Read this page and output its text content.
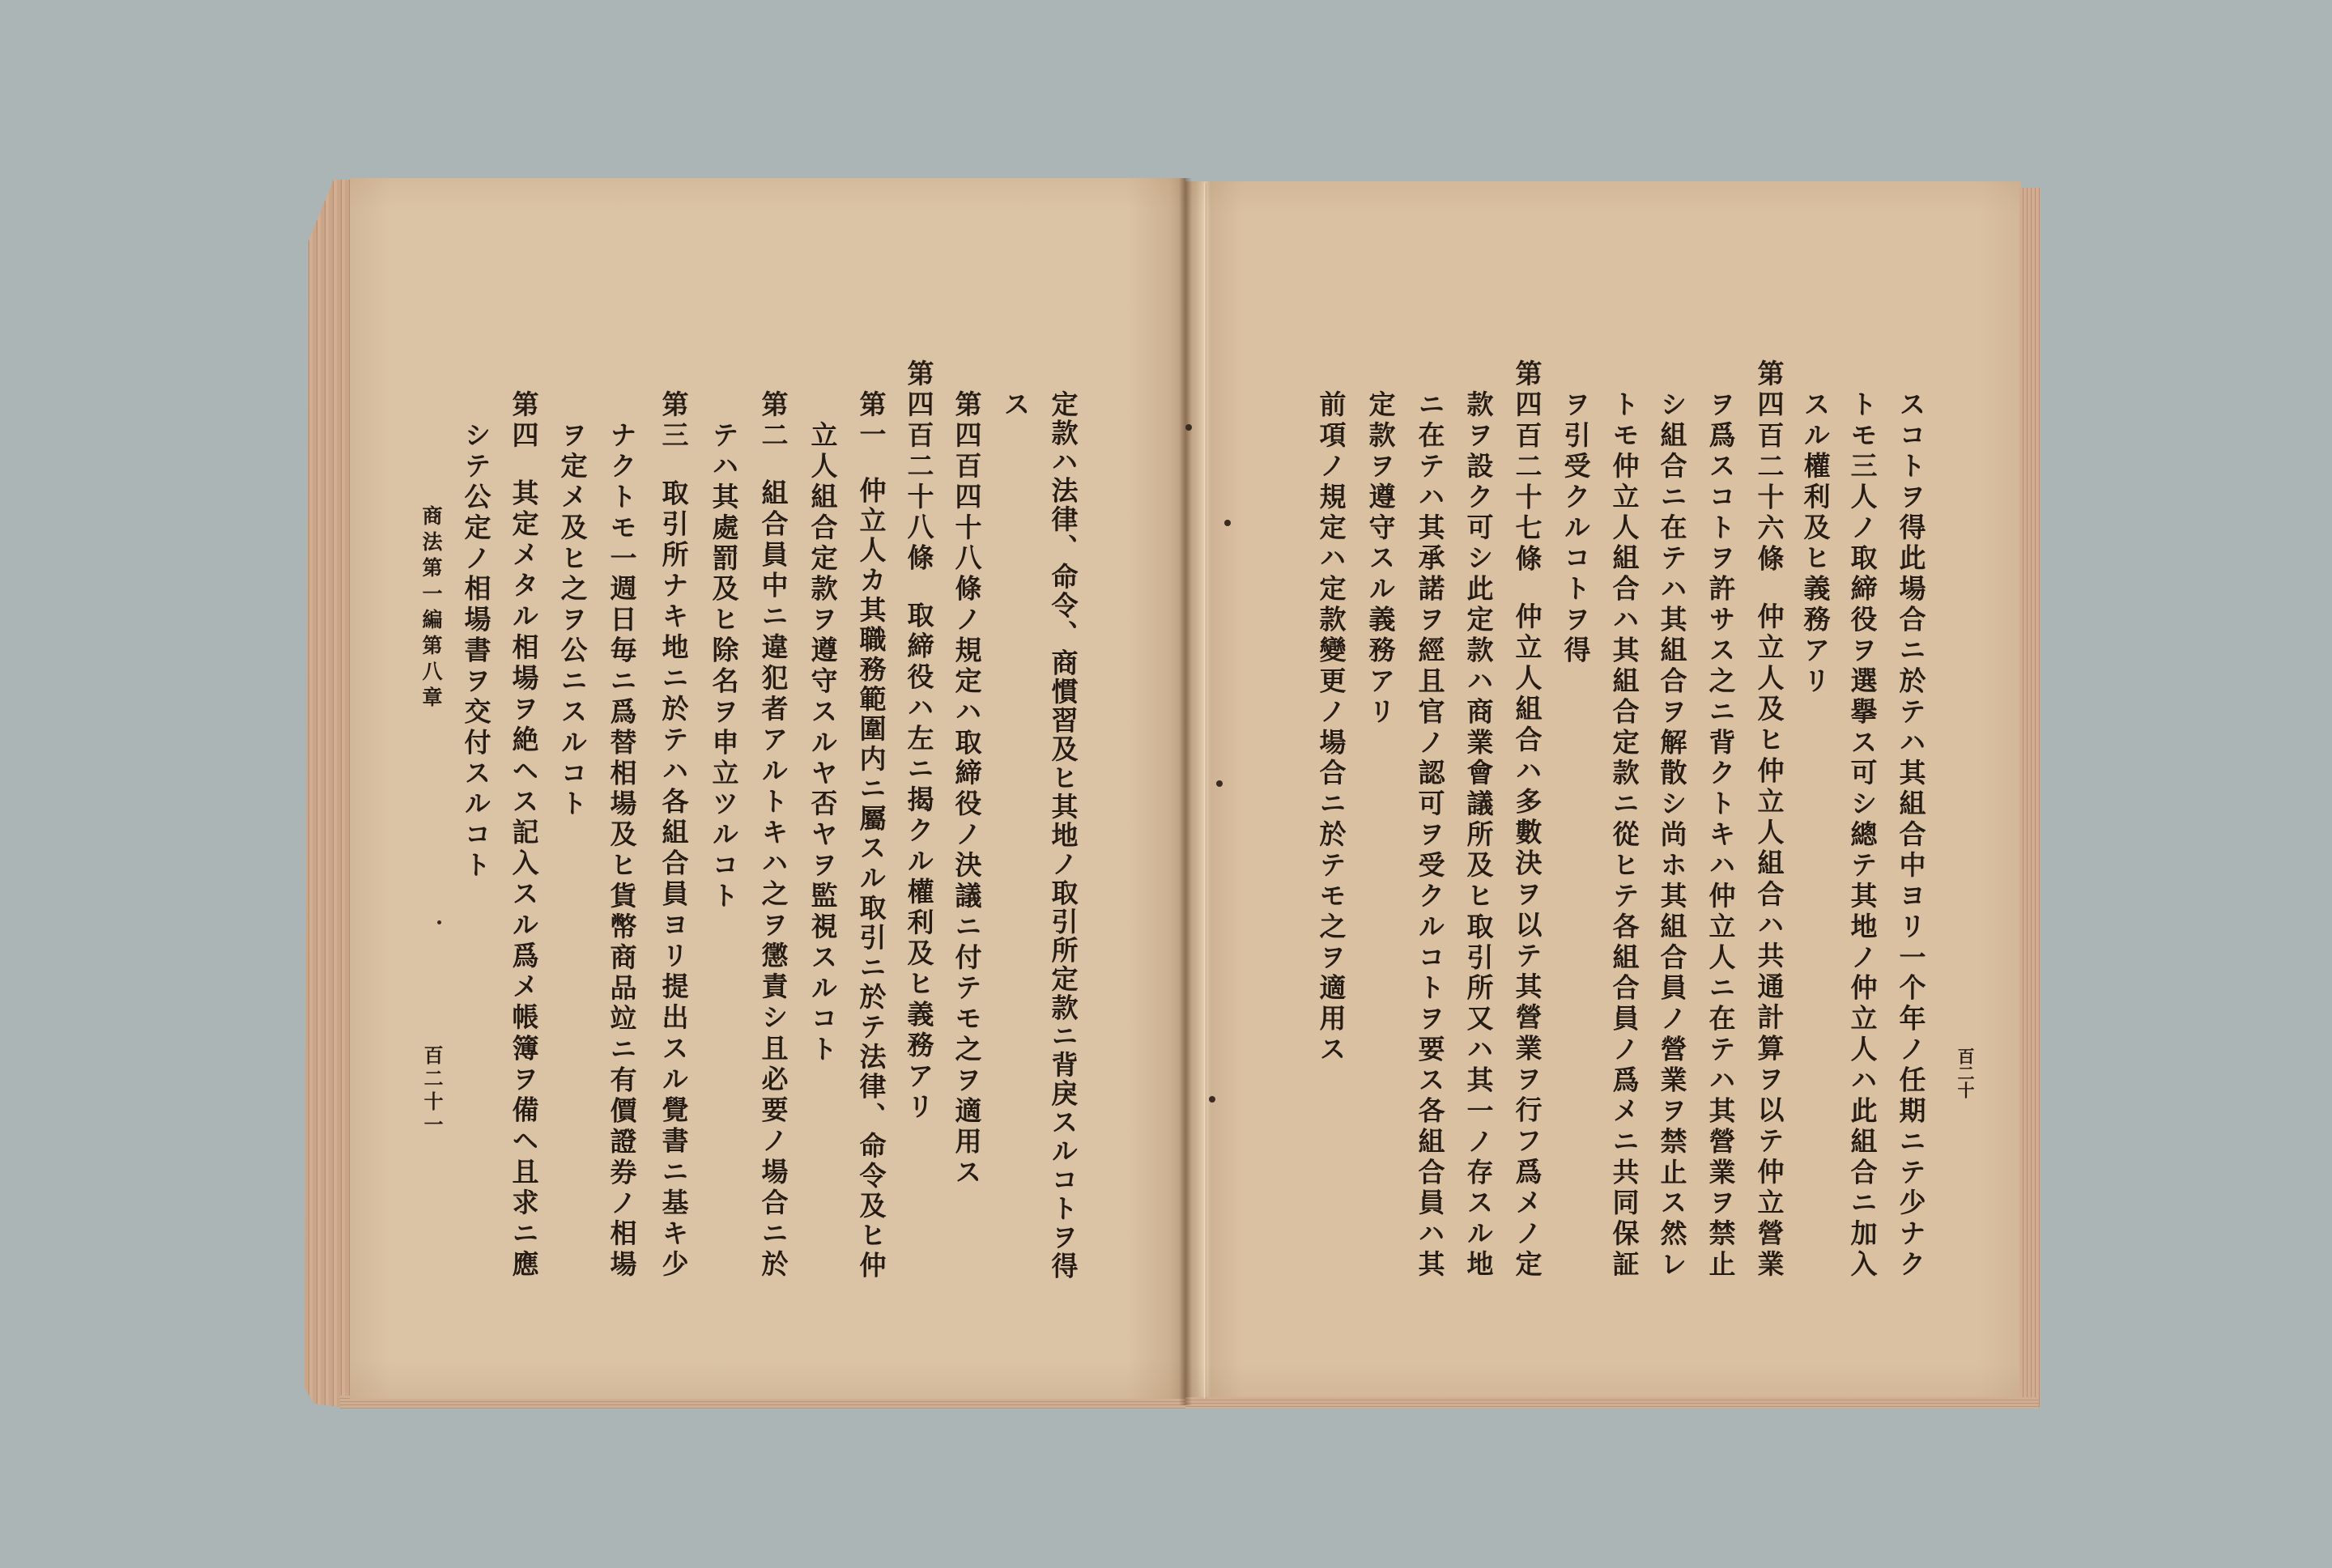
百二十
スコトヲ得此場合ニ於テハ其組合中ヨリ一个年ノ任期ニテ少ナク
トモ三人ノ取締役ヲ選擧ス可シ總テ其地ノ仲立人ハ此組合ニ加入
スル權利及ヒ義務アリ
第四百二十六條仲立人及ヒ仲立人組合ハ共通計算ヲ以テ仲立營業
ヲ爲スコトヲ許サス之ニ背クトキハ仲立人ニ在テハ其營業ヲ禁止
シ組合ニ在テハ其組合ヲ解散シ尚ホ其組合員ノ營業ヲ禁止ス然レ
トモ仲立人組合ハ其組合定款ニ從ヒテ各組合員ノ爲メニ共同保証
ヲ引受クルコトヲ得
第四百二十七條仲立人組合ハ多數決ヲ以テ其營業ヲ行フ爲メノ定
款ヲ設ク可シ此定款ハ商業會議所及ヒ取引所又ハ其一ノ存スル地
ニ在テハ其承諾ヲ經且官ノ認可ヲ受クルコトヲ要ス各組合員ハ其
定款ヲ遵守スル義務アリ
前項ノ規定ハ定款變更ノ場合ニ於テモ之ヲ適用ス
定款ハ法律、命令、商慣習及ヒ其地ノ取引所定款ニ背戾スルコトヲ得
ス
第四百四十八條ノ規定ハ取締役ノ決議ニ付テモ之ヲ適用ス
第四百二十八條取締役ハ左ニ揭クル權利及ヒ義務アリ
第一仲立人カ其職務範圍内ニ屬スル取引ニ於テ法律、命令及ヒ仲
立人組合定款ヲ遵守スルヤ否ヤヲ監視スルコト
第二組合員中ニ違犯者アルトキハ之ヲ懲責シ且必要ノ場合ニ於
テハ其處罰及ヒ除名ヲ申立ツルコト
第三取引所ナキ地ニ於テハ各組合員ヨリ提出スル覺書ニ基キ少
ナクトモ一週日毎ニ爲替相場及ヒ貨幣商品竝ニ有價證券ノ相場
ヲ定メ及ヒ之ヲ公ニスルコト
第四其定メタル相場ヲ絶ヘス記入スル爲メ帳簿ヲ備ヘ且求ニ應
シテ公定ノ相場書ヲ交付スルコト
商法第一編第八章
百二十一
